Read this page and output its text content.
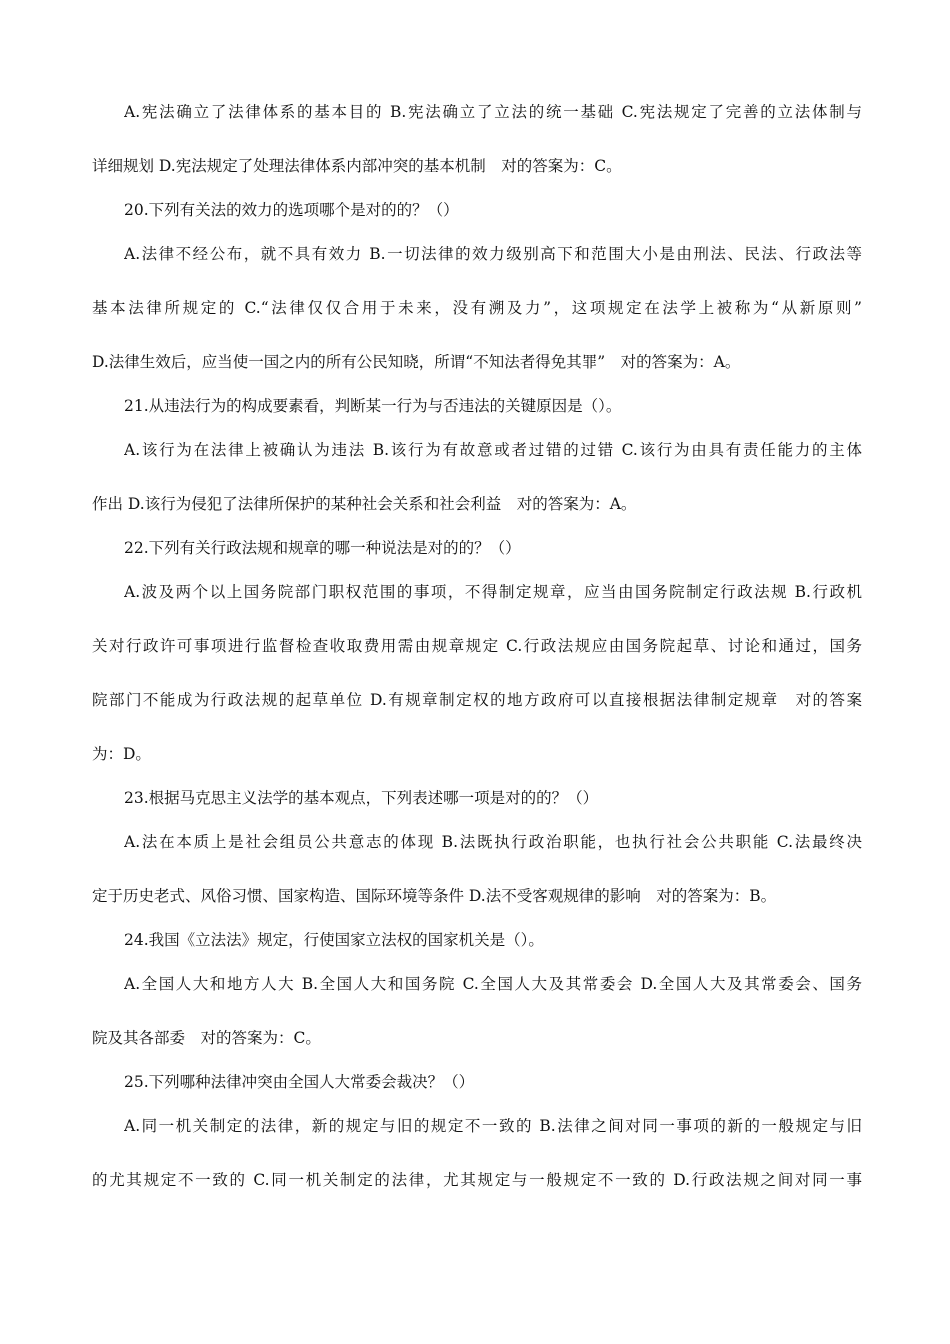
A.宪法确立了法律体系的基本目的 B.宪法确立了立法的统一基础 C.宪法规定了完善的立法体制与
详细规划 D.宪法规定了处理法律体系内部冲突的基本机制　对的答案为：C。
20.下列有关法的效力的选项哪个是对的的？（）
A.法律不经公布，就不具有效力 B.一切法律的效力级别高下和范围大小是由刑法、民法、行政法等
基本法律所规定的 C.“法律仅仅合用于未来，没有溯及力”，这项规定在法学上被称为“从新原则”
D.法律生效后，应当使一国之内的所有公民知晓，所谓“不知法者得免其罪”　对的答案为：A。
21.从违法行为的构成要素看，判断某一行为与否违法的关键原因是（）。
A.该行为在法律上被确认为违法 B.该行为有故意或者过错的过错 C.该行为由具有责任能力的主体
作出 D.该行为侵犯了法律所保护的某种社会关系和社会利益　对的答案为：A。
22.下列有关行政法规和规章的哪一种说法是对的的？（）
A.波及两个以上国务院部门职权范围的事项，不得制定规章，应当由国务院制定行政法规 B.行政机
关对行政许可事项进行监督检查收取费用需由规章规定 C.行政法规应由国务院起草、讨论和通过，国务
院部门不能成为行政法规的起草单位 D.有规章制定权的地方政府可以直接根据法律制定规章　对的答案
为：D。
23.根据马克思主义法学的基本观点，下列表述哪一项是对的的？（）
A.法在本质上是社会组员公共意志的体现 B.法既执行政治职能，也执行社会公共职能 C.法最终决
定于历史老式、风俗习惯、国家构造、国际环境等条件 D.法不受客观规律的影响　对的答案为：B。
24.我国《立法法》规定，行使国家立法权的国家机关是（）。
A.全国人大和地方人大 B.全国人大和国务院 C.全国人大及其常委会 D.全国人大及其常委会、国务
院及其各部委　对的答案为：C。
25.下列哪种法律冲突由全国人大常委会裁决？（）
A.同一机关制定的法律，新的规定与旧的规定不一致的 B.法律之间对同一事项的新的一般规定与旧
的尤其规定不一致的 C.同一机关制定的法律，尤其规定与一般规定不一致的 D.行政法规之间对同一事
